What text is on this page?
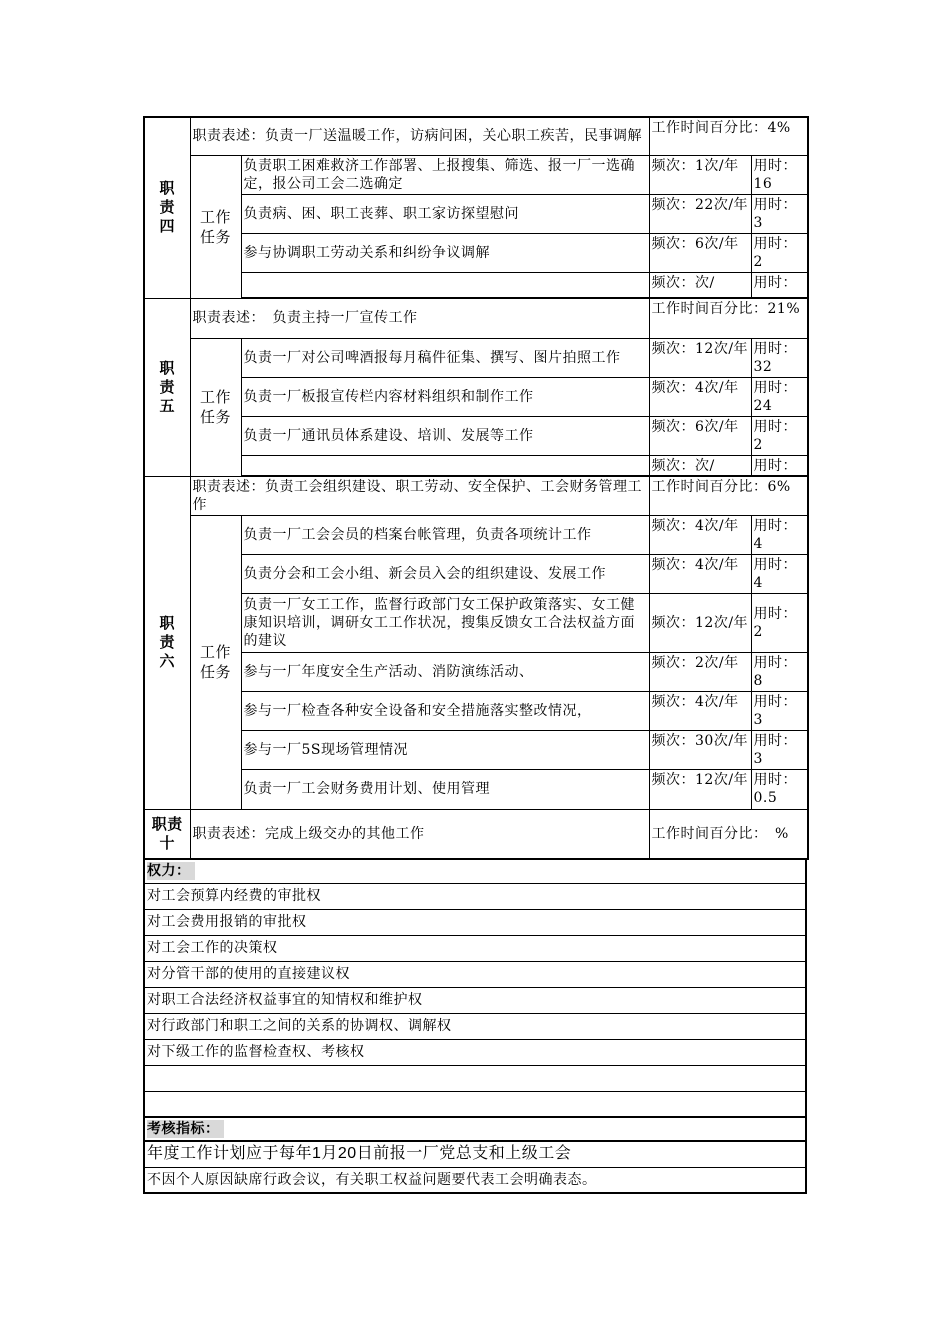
职
责
四	职责表述：负责一厂送温暖工作，访病问困，关心职工疾苦，民事调解		工作时间百分比：4%	
	工作
任务	负责职工困难救济工作部署、上报搜集、筛选、报一厂一选确定，报公司工会二选确定	频次：1次/年	用时：16
		负责病、困、职工丧葬、职工家访探望慰问	频次：22次/年	用时：3
		参与协调职工劳动关系和纠纷争议调解	频次：6次/年	用时：2
			频次：次/	用时：

职
责
五	职责表述：　负责主持一厂宣传工作		工作时间百分比：21%	
	工作
任务	负责一厂对公司啤酒报每月稿件征集、撰写、图片拍照工作	频次：12次/年	用时：32
		负责一厂板报宣传栏内容材料组织和制作工作	频次：4次/年	用时：24
		负责一厂通讯员体系建设、培训、发展等工作	频次：6次/年	用时：2
			频次：次/	用时：

职
责
六	职责表述：负责工会组织建设、职工劳动、安全保护、工会财务管理工作		工作时间百分比：6%	
	工作
任务	负责一厂工会会员的档案台帐管理，负责各项统计工作	频次：4次/年	用时：4
		负责分会和工会小组、新会员入会的组织建设、发展工作	频次：4次/年	用时：4
		负责一厂女工工作，监督行政部门女工保护政策落实、女工健康知识培训，调研女工工作状况，搜集反馈女工合法权益方面的建议	频次：12次/年	用时：2
		参与一厂年度安全生产活动、消防演练活动、	频次：2次/年	用时：8
		参与一厂检查各种安全设备和安全措施落实整改情况，	频次：4次/年	用时：3
		参与一厂5S现场管理情况	频次：30次/年	用时：3
		负责一厂工会财务费用计划、使用管理	频次：12次/年	用时：0.5
职责
十	职责表述：完成上级交办的其他工作		工作时间百分比：　%	
权力：
对工会预算内经费的审批权
对工会费用报销的审批权
对工会工作的决策权
对分管干部的使用的直接建议权
对职工合法经济权益事宜的知情权和维护权
对行政部门和职工之间的关系的协调权、调解权
对下级工作的监督检查权、考核权

考核指标：
年度工作计划应于每年1月20日前报一厂党总支和上级工会
不因个人原因缺席行政会议，有关职工权益问题要代表工会明确表态。
